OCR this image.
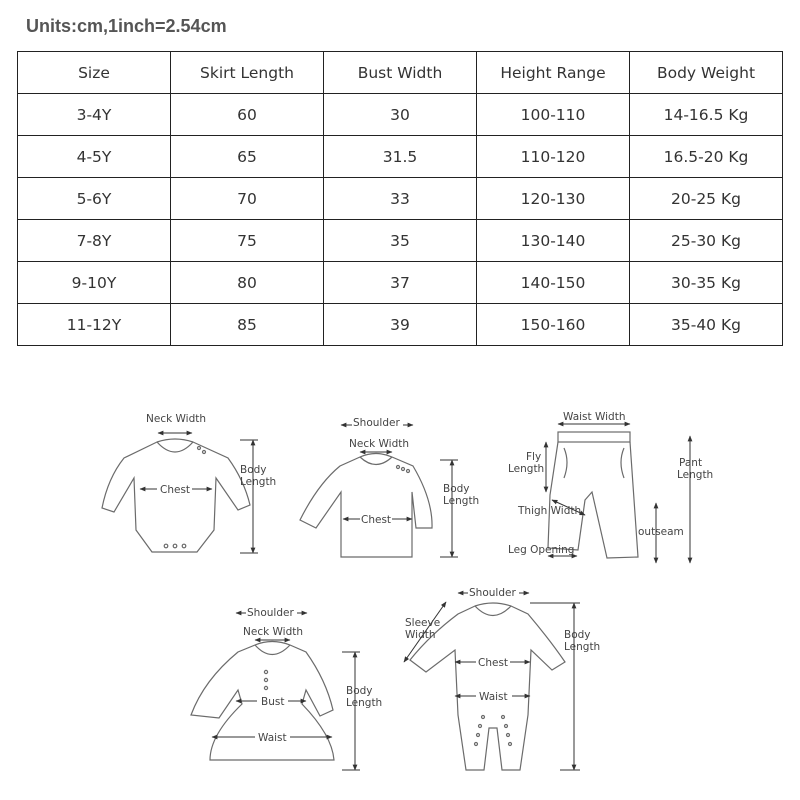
Units:cm,1inch=2.54cm
Size	Skirt Length	Bust Width	Height Range	Body Weight
3-4Y	60	30	100-110	14-16.5 Kg
4-5Y	65	31.5	110-120	16.5-20 Kg
5-6Y	70	33	120-130	20-25 Kg
7-8Y	75	35	130-140	25-30 Kg
9-10Y	80	37	140-150	30-35 Kg
11-12Y	85	39	150-160	35-40 Kg
Neck Width
Chest
Body
Length
Shoulder
Neck Width
Chest
Body
Length
Waist Width
Fly
Length	Pant
Length
Thigh Width
outseam
Leg Opening
Shoulder
Neck Width
Bust
Waist
Body
Length
Shoulder
Sleeve
Width
Chest
Waist
Body
Length
